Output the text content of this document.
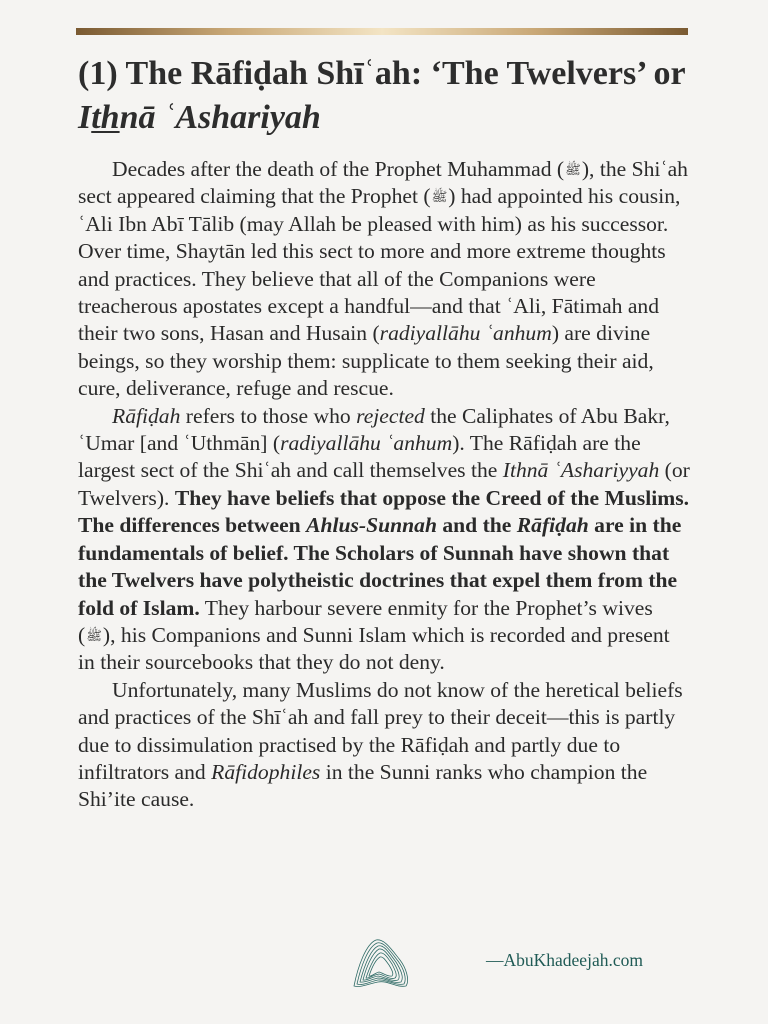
(1) The Rāfiḍah Shīʿah: ‘The Twelvers’ or Ithnā ʿAshariyah

Decades after the death of the Prophet Muhammad (ﷺ), the Shiʿah sect appeared claiming that the Prophet (ﷺ) had appointed his cousin, ʿAli Ibn Abī Tālib (may Allah be pleased with him) as his successor. Over time, Shaytān led this sect to more and more extreme thoughts and practices. They believe that all of the Companions were treacherous apostates except a handful—and that ʿAli, Fātimah and their two sons, Hasan and Husain (radiyallāhu ʿanhum) are divine beings, so they worship them: supplicate to them seeking their aid, cure, deliverance, refuge and rescue.

Rāfiḍah refers to those who rejected the Caliphates of Abu Bakr, ʿUmar [and ʿUthmān] (radiyallāhu ʿanhum). The Rāfiḍah are the largest sect of the Shiʿah and call themselves the Ithnā ʿAshariyyah (or Twelvers). They have beliefs that oppose the Creed of the Muslims. The differences between Ahlus-Sunnah and the Rāfiḍah are in the fundamentals of belief. The Scholars of Sunnah have shown that the Twelvers have polytheistic doctrines that expel them from the fold of Islam. They harbour severe enmity for the Prophet’s wives (ﷺ), his Companions and Sunni Islam which is recorded and present in their sourcebooks that they do not deny.

Unfortunately, many Muslims do not know of the heretical beliefs and practices of the Shīʿah and fall prey to their deceit—this is partly due to dissimulation practised by the Rāfiḍah and partly due to infiltrators and Rāfidophiles in the Sunni ranks who champion the Shi’ite cause.

—AbuKhadeejah.com
